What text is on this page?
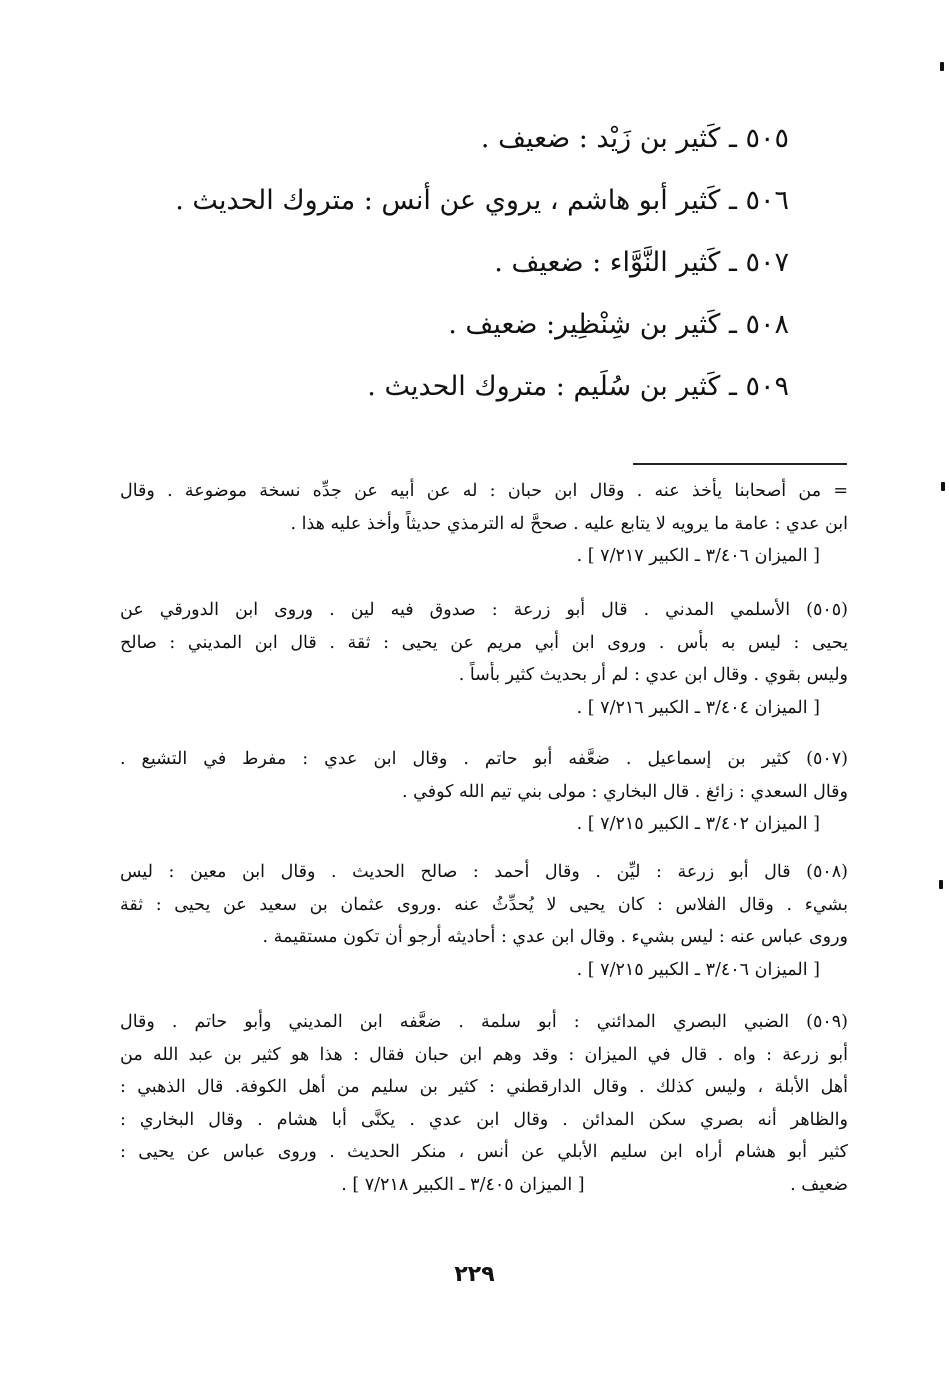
٥٠٥ ـ كَثير بن زَيْد : ضعيف .
٥٠٦ ـ كَثير أبو هاشم ، يروي عن أنس : متروك الحديث .
٥٠٧ ـ كَثير النَّوَّاء : ضعيف .
٥٠٨ ـ كَثير بن شِنْظِير: ضعيف .
٥٠٩ ـ كَثير بن سُلَيم : متروك الحديث .
= من أصحابنا يأخذ عنه . وقال ابن حبان : له عن أبيه عن جدِّه نسخة موضوعة . وقال
ابن عدي : عامة ما يرويه لا يتابع عليه . صححَّ له الترمذي حديثاً وأخذ عليه هذا .
[ الميزان ٣/٤٠٦ ـ الكبير ٧/٢١٧ ] .
(٥٠٥) الأسلمي المدني . قال أبو زرعة : صدوق فيه لين . وروى ابن الدورقي عن
يحيى : ليس به بأس . وروى ابن أبي مريم عن يحيى : ثقة . قال ابن المديني : صالح
وليس بقوي . وقال ابن عدي : لم أر بحديث كثير بأساً .
[ الميزان ٣/٤٠٤ ـ الكبير ٧/٢١٦ ] .
(٥٠٧) كثير بن إسماعيل . ضعَّفه أبو حاتم . وقال ابن عدي : مفرط في التشيع .
وقال السعدي : زائغ . قال البخاري : مولى بني تيم الله كوفي .
[ الميزان ٣/٤٠٢ ـ الكبير ٧/٢١٥ ] .
(٥٠٨) قال أبو زرعة : ليِّن . وقال أحمد : صالح الحديث . وقال ابن معين : ليس
بشيء . وقال الفلاس : كان يحيى لا يُحدِّثُ عنه .وروى عثمان بن سعيد عن يحيى : ثقة
وروى عباس عنه : ليس بشيء . وقال ابن عدي : أحاديثه أرجو أن تكون مستقيمة .
[ الميزان ٣/٤٠٦ ـ الكبير ٧/٢١٥ ] .
(٥٠٩) الضبي البصري المدائني : أبو سلمة . ضعَّفه ابن المديني وأبو حاتم . وقال
أبو زرعة : واه . قال في الميزان : وقد وهم ابن حبان فقال : هذا هو كثير بن عبد الله من
أهل الأبلة ، وليس كذلك . وقال الدارقطني : كثير بن سليم من أهل الكوفة. قال الذهبي :
والظاهر أنه بصري سكن المدائن . وقال ابن عدي . يكنَّى أبا هشام . وقال البخاري :
كثير أبو هشام أراه ابن سليم الأبلي عن أنس ، منكر الحديث . وروى عباس عن يحيى :
ضعيف . [ الميزان ٣/٤٠٥ ـ الكبير ٧/٢١٨ ] .
٢٢٩
